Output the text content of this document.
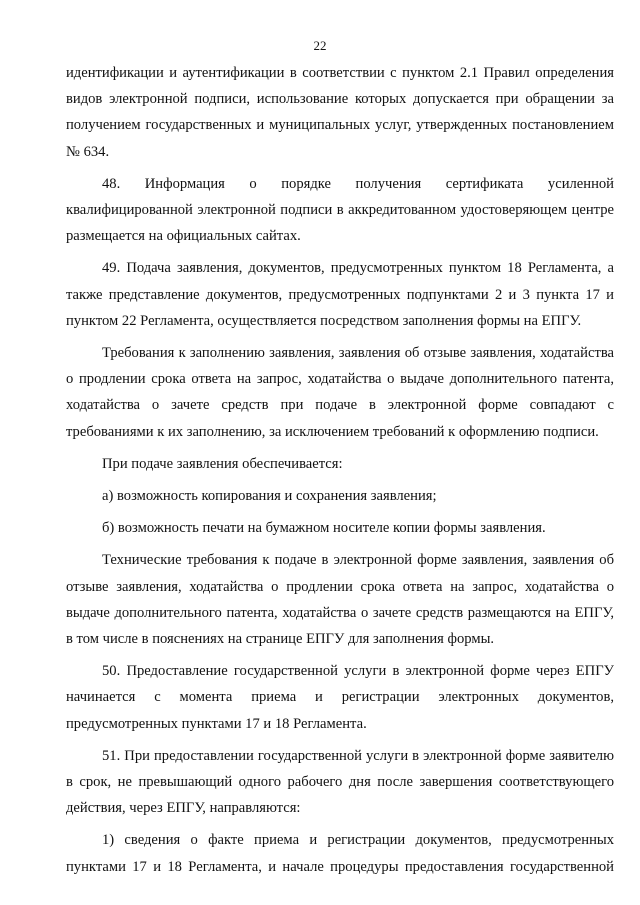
22

идентификации и аутентификации в соответствии с пунктом 2.1 Правил определения видов электронной подписи, использование которых допускается при обращении за получением государственных и муниципальных услуг, утвержденных постановлением № 634.

48. Информация о порядке получения сертификата усиленной квалифицированной электронной подписи в аккредитованном удостоверяющем центре размещается на официальных сайтах.

49. Подача заявления, документов, предусмотренных пунктом 18 Регламента, а также представление документов, предусмотренных подпунктами 2 и 3 пункта 17 и пунктом 22 Регламента, осуществляется посредством заполнения формы на ЕПГУ.

Требования к заполнению заявления, заявления об отзыве заявления, ходатайства о продлении срока ответа на запрос, ходатайства о выдаче дополнительного патента, ходатайства о зачете средств при подаче в электронной форме совпадают с требованиями к их заполнению, за исключением требований к оформлению подписи.

При подаче заявления обеспечивается:

а) возможность копирования и сохранения заявления;

б) возможность печати на бумажном носителе копии формы заявления.

Технические требования к подаче в электронной форме заявления, заявления об отзыве заявления, ходатайства о продлении срока ответа на запрос, ходатайства о выдаче дополнительного патента, ходатайства о зачете средств размещаются на ЕПГУ, в том числе в пояснениях на странице ЕПГУ для заполнения формы.

50. Предоставление государственной услуги в электронной форме через ЕПГУ начинается с момента приема и регистрации электронных документов, предусмотренных пунктами 17 и 18 Регламента.

51. При предоставлении государственной услуги в электронной форме заявителю в срок, не превышающий одного рабочего дня после завершения соответствующего действия, через ЕПГУ, направляются:

1) сведения о факте приема и регистрации документов, предусмотренных пунктами 17 и 18 Регламента, и начале процедуры предоставления государственной
